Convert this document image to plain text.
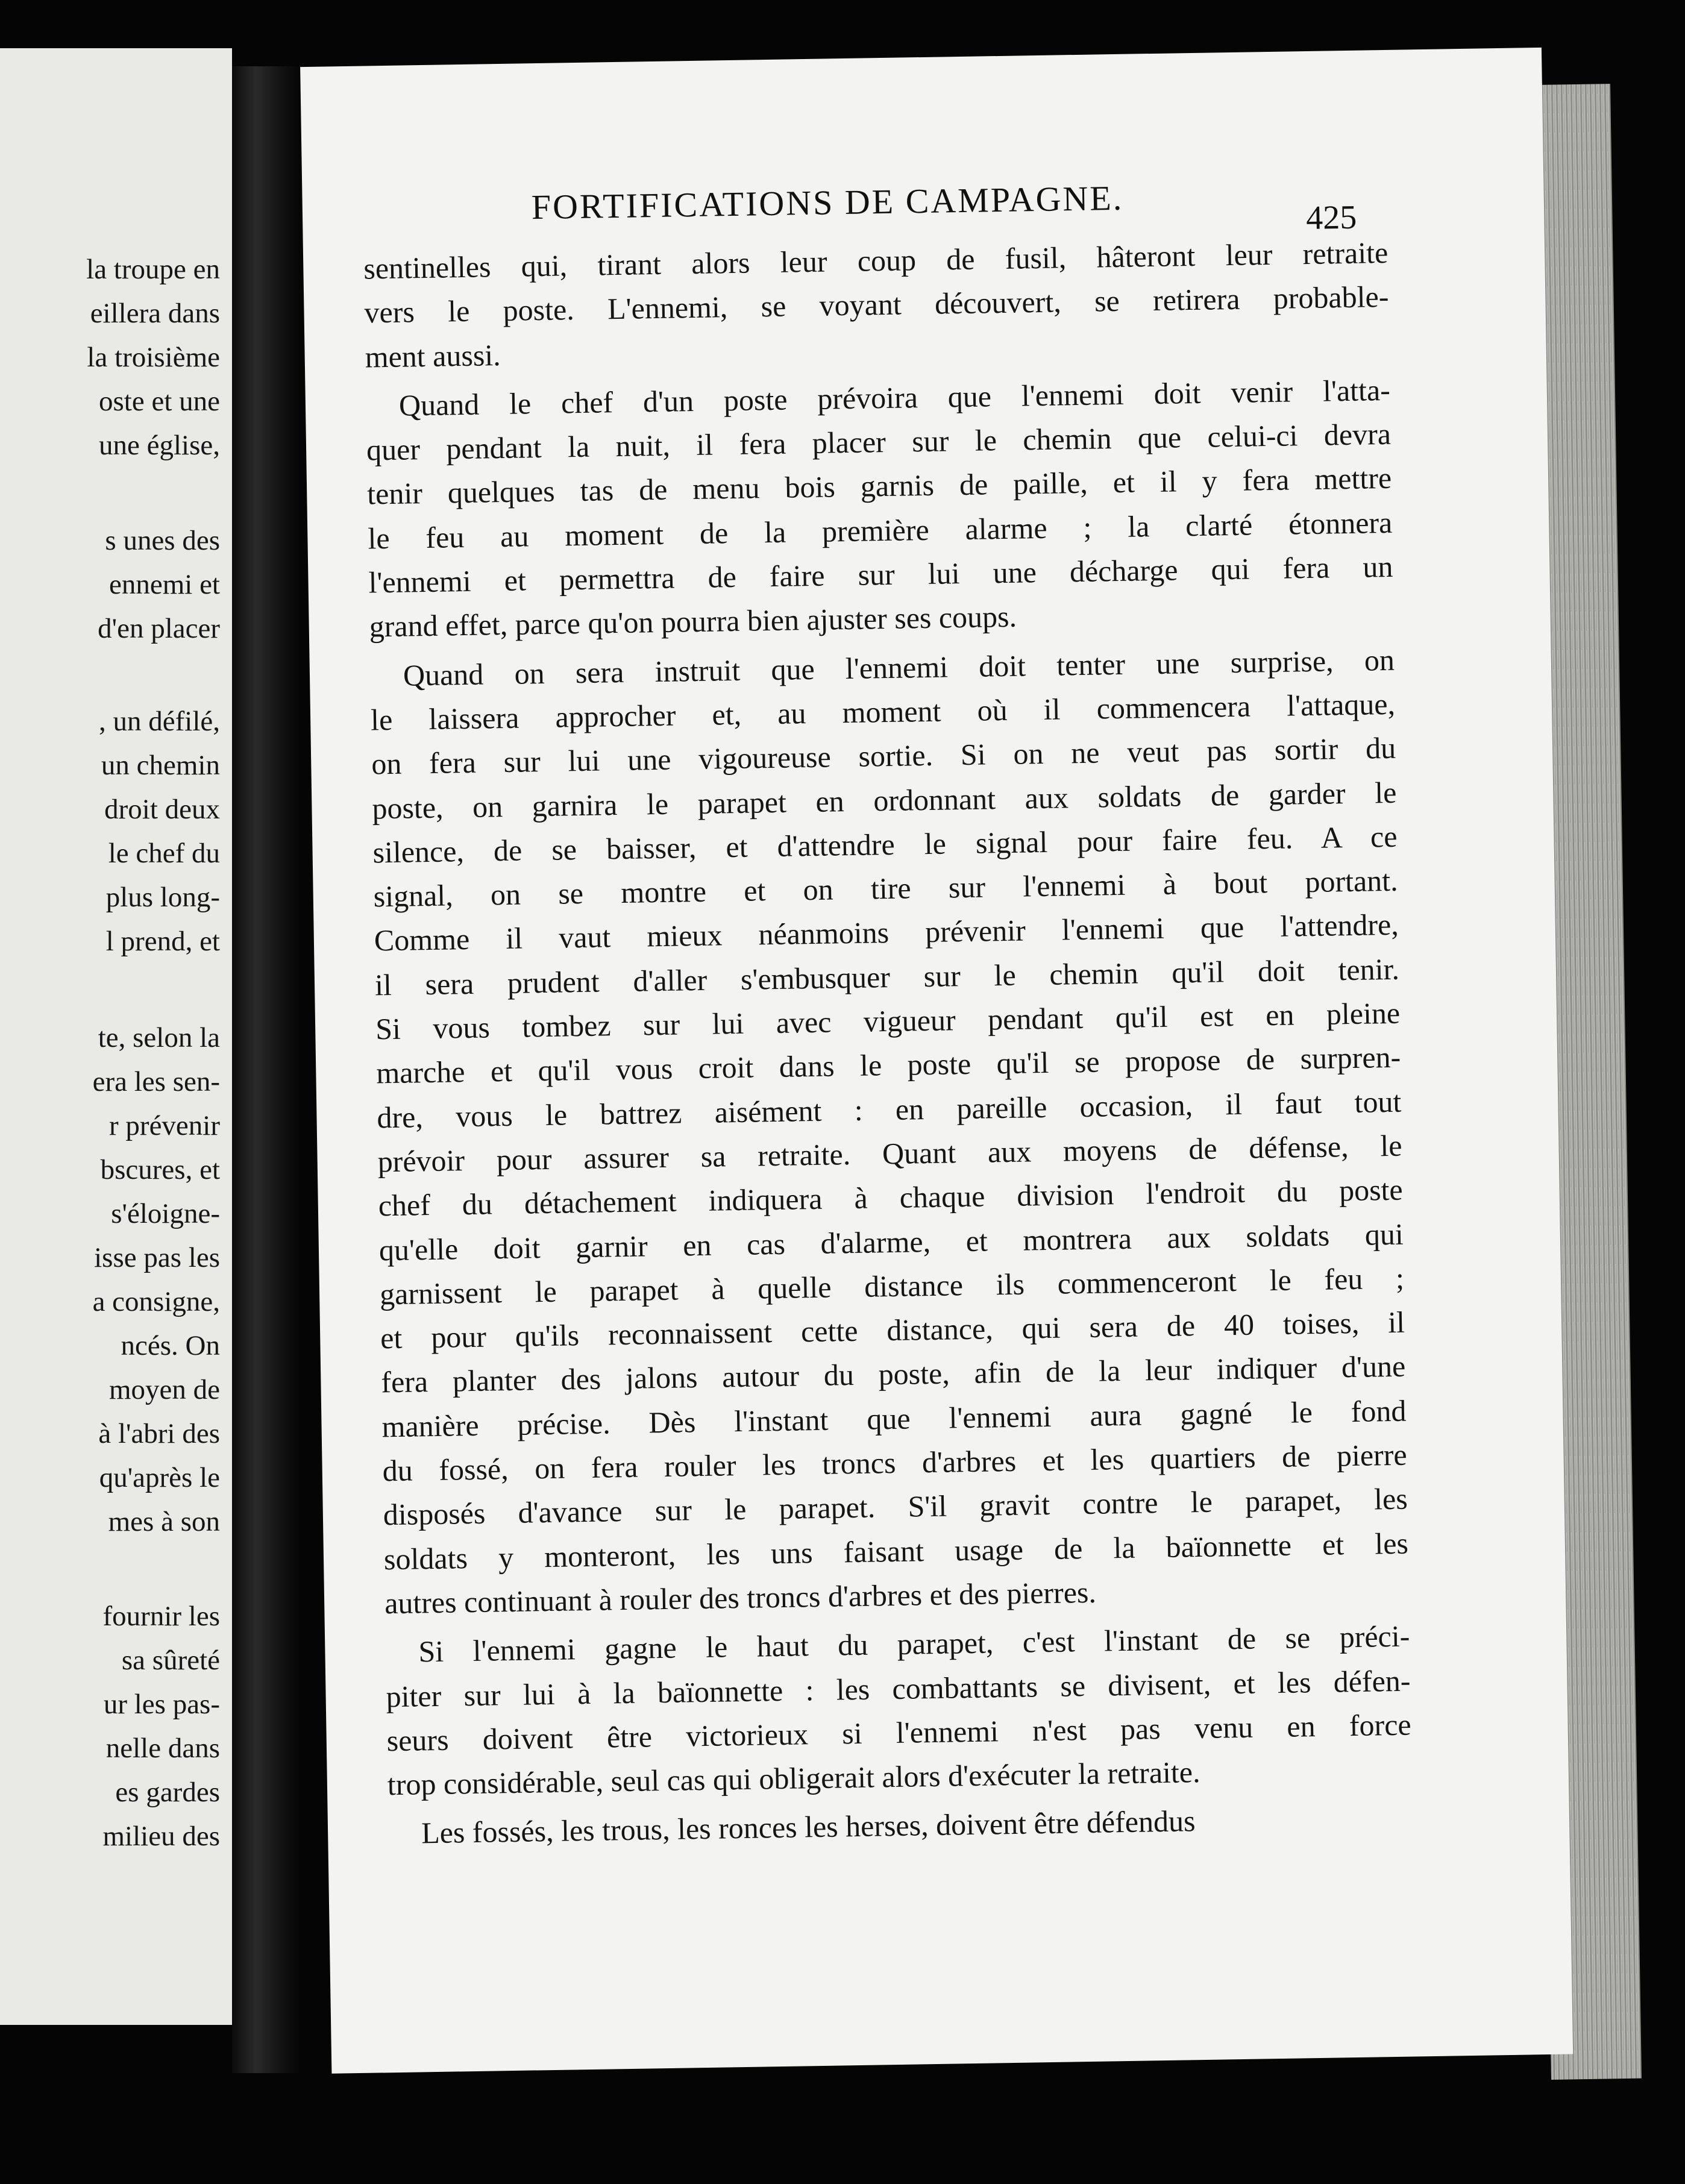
la troupe en
eillera dans
la troisième
oste et une
une église,
s unes des
ennemi et
d'en placer
, un défilé,
un chemin
droit deux
le chef du
plus long-
l prend, et
te, selon la
era les sen-
r prévenir
bscures, et
s'éloigne-
isse pas les
a consigne,
ncés. On
moyen de
à l'abri des
qu'après le
mes à son
fournir les
sa sûreté
ur les pas-
nelle dans
es gardes
milieu des
FORTIFICATIONS DE CAMPAGNE.	425
sentinelles qui, tirant alors leur coup de fusil, hâteront leur retraite
vers le poste. L'ennemi, se voyant découvert, se retirera probable-
ment aussi.
Quand le chef d'un poste prévoira que l'ennemi doit venir l'atta-
quer pendant la nuit, il fera placer sur le chemin que celui-ci devra
tenir quelques tas de menu bois garnis de paille, et il y fera mettre
le feu au moment de la première alarme ; la clarté étonnera
l'ennemi et permettra de faire sur lui une décharge qui fera un
grand effet, parce qu'on pourra bien ajuster ses coups.
Quand on sera instruit que l'ennemi doit tenter une surprise, on
le laissera approcher et, au moment où il commencera l'attaque,
on fera sur lui une vigoureuse sortie. Si on ne veut pas sortir du
poste, on garnira le parapet en ordonnant aux soldats de garder le
silence, de se baisser, et d'attendre le signal pour faire feu. A ce
signal, on se montre et on tire sur l'ennemi à bout portant.
Comme il vaut mieux néanmoins prévenir l'ennemi que l'attendre,
il sera prudent d'aller s'embusquer sur le chemin qu'il doit tenir.
Si vous tombez sur lui avec vigueur pendant qu'il est en pleine
marche et qu'il vous croit dans le poste qu'il se propose de surpren-
dre, vous le battrez aisément : en pareille occasion, il faut tout
prévoir pour assurer sa retraite. Quant aux moyens de défense, le
chef du détachement indiquera à chaque division l'endroit du poste
qu'elle doit garnir en cas d'alarme, et montrera aux soldats qui
garnissent le parapet à quelle distance ils commenceront le feu ;
et pour qu'ils reconnaissent cette distance, qui sera de 40 toises, il
fera planter des jalons autour du poste, afin de la leur indiquer d'une
manière précise. Dès l'instant que l'ennemi aura gagné le fond
du fossé, on fera rouler les troncs d'arbres et les quartiers de pierre
disposés d'avance sur le parapet. S'il gravit contre le parapet, les
soldats y monteront, les uns faisant usage de la baïonnette et les
autres continuant à rouler des troncs d'arbres et des pierres.
Si l'ennemi gagne le haut du parapet, c'est l'instant de se préci-
piter sur lui à la baïonnette : les combattants se divisent, et les défen-
seurs doivent être victorieux si l'ennemi n'est pas venu en force
trop considérable, seul cas qui obligerait alors d'exécuter la retraite.
Les fossés, les trous, les ronces les herses, doivent être défendus
